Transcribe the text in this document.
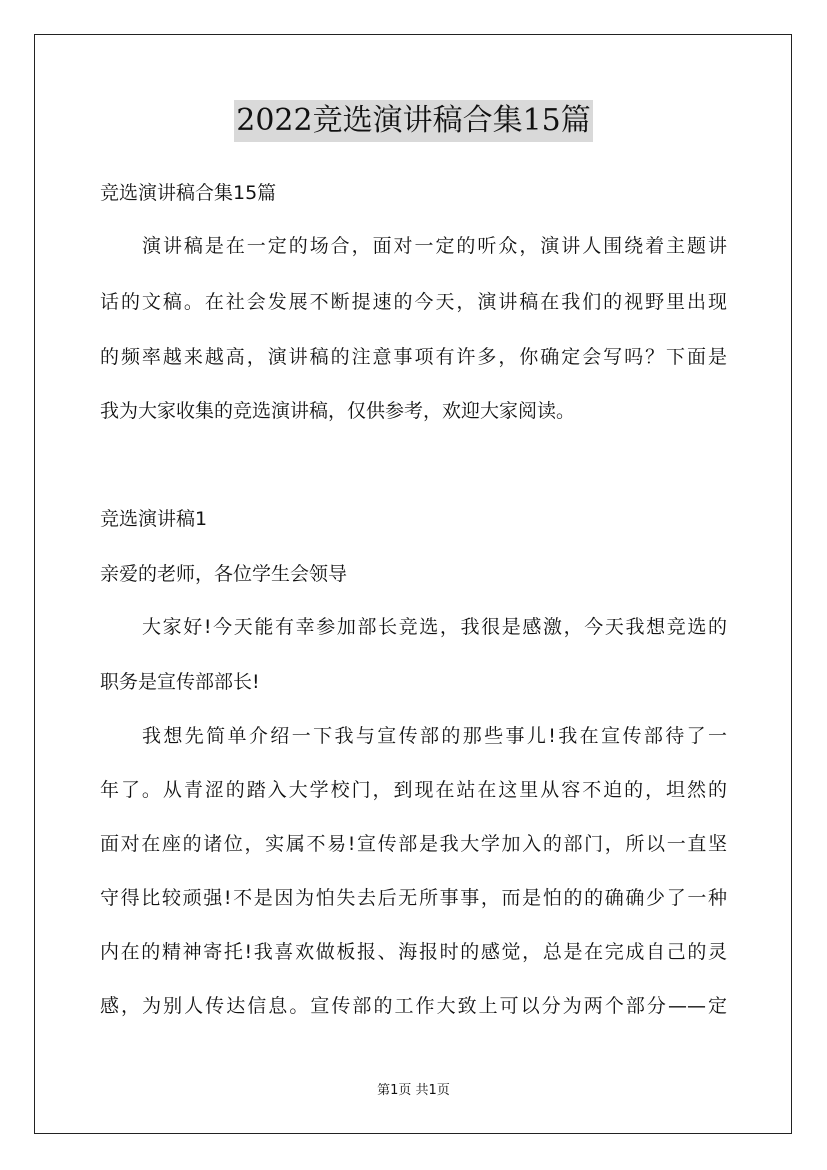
2022竞选演讲稿合集15篇
竞选演讲稿合集15篇
演讲稿是在一定的场合，面对一定的听众，演讲人围绕着主题讲
话的文稿。在社会发展不断提速的今天，演讲稿在我们的视野里出现
的频率越来越高，演讲稿的注意事项有许多，你确定会写吗？下面是
我为大家收集的竞选演讲稿，仅供参考，欢迎大家阅读。
竞选演讲稿1
亲爱的老师，各位学生会领导
大家好!今天能有幸参加部长竞选，我很是感激，今天我想竞选的
职务是宣传部部长!
我想先简单介绍一下我与宣传部的那些事儿!我在宣传部待了一
年了。从青涩的踏入大学校门，到现在站在这里从容不迫的，坦然的
面对在座的诸位，实属不易!宣传部是我大学加入的部门，所以一直坚
守得比较顽强!不是因为怕失去后无所事事，而是怕的的确确少了一种
内在的精神寄托!我喜欢做板报、海报时的感觉，总是在完成自己的灵
感，为别人传达信息。宣传部的工作大致上可以分为两个部分——定
第1页 共1页
